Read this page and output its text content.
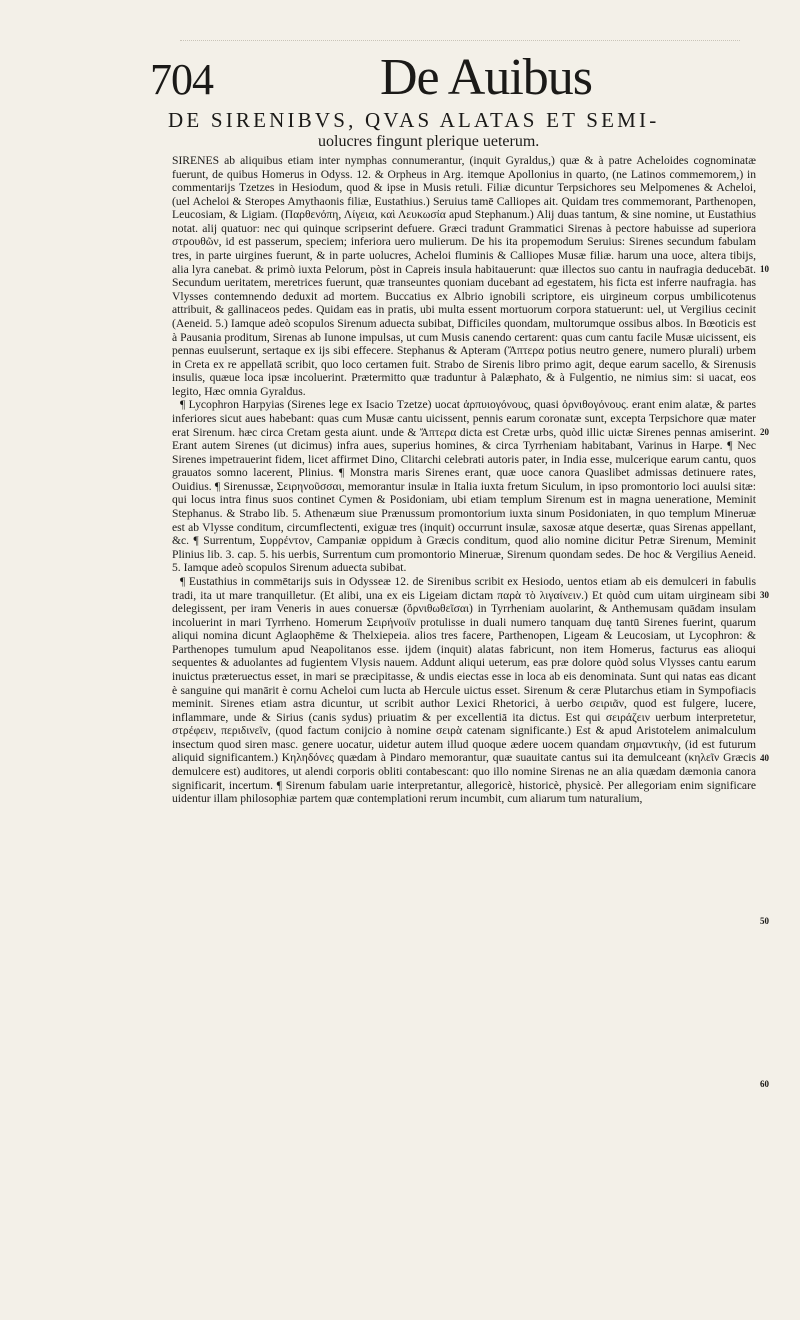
704	De Auibus
DE SIRENIBVS, QVAS ALATAS ET SEMI-
uolucres fingunt plerique ueterum.

SIRENES ab aliquibus etiam inter nymphas connumerantur, (inquit Gyraldus,) quæ & à patre Acheloides cognominatæ fuerunt, de quibus Homerus in Odyss. 12. & Orpheus in Arg. itemque Apollonius in quarto, (ne Latinos commemorem,) in commentarijs Tzetzes in Hesiodum, quod & ipse in Musis retuli. Filiæ dicuntur Terpsichores seu Melpomenes & Acheloi, (uel Acheloi & Steropes Amythaonis filiæ, Eustathius.) Seruius tamē Calliopes ait. Quidam tres commemorant, Parthenopen, Leucosiam, & Ligiam. (Παρθενόπη, Λίγεια, καὶ Λευκωσία apud Stephanum.) Alij duas tantum, & sine nomine, ut Eustathius notat. alij quatuor: nec qui quinque scripserint defuere. Græci tradunt Grammatici Sirenas à pectore habuisse ad superiora στρουθῶν, id est passerum, speciem; inferiora uero mulierum. De his ita propemodum Seruius: Sirenes secundum fabulam tres, in parte uirgines fuerunt, & in parte uolucres, Acheloi fluminis & Calliopes Musæ filiæ. harum una uoce, altera tibijs, alia lyra canebat. & primò iuxta Pelorum, pòst in Capreis insula habitauerunt: quæ illectos suo cantu in naufragia deducebāt. Secundum ueritatem, meretrices fuerunt, quæ transeuntes quoniam ducebant ad egestatem, his ficta est inferre naufragia. has Vlysses contemnendo deduxit ad mortem. Buccatius ex Albrio ignobili scriptore, eis uirgineum corpus umbilicotenus attribuit, & gallinaceos pedes. Quidam eas in pratis, ubi multa essent mortuorum corpora statuerunt: uel, ut Vergilius cecinit (Aeneid. 5.) Iamque adeò scopulos Sirenum aduecta subibat, Difficiles quondam, multorumque ossibus albos. In Bœoticis est à Pausania proditum, Sirenas ab Iunone impulsas, ut cum Musis canendo certarent: quas cum cantu facile Musæ uicissent, eis pennas euulserunt, sertaque ex ijs sibi effecere. Stephanus & Apteram (Ἄπτερα potius neutro genere, numero plurali) urbem in Creta ex re appellatā scribit, quo loco certamen fuit. Strabo de Sirenis libro primo agit, deque earum sacello, & Sirenusis insulis, quæue loca ipsæ incoluerint. Prætermitto quæ traduntur à Palæphato, & à Fulgentio, ne nimius sim: si uacat, eos legito, Hæc omnia Gyraldus.

¶ Lycophron Harpyias (Sirenes lege ex Isacio Tzetze) uocat ἀρπυιογόνους, quasi ὀρνιθογόνους. erant enim alatæ, & partes inferiores sicut aues habebant: quas cum Musæ cantu uicissent, pennis earum coronatæ sunt, excepta Terpsichore quæ mater erat Sirenum. hæc circa Cretam gesta aiunt. unde & Ἄπτερα dicta est Cretæ urbs, quòd illic uictæ Sirenes pennas amiserint. Erant autem Sirenes (ut dicimus) infra aues, superius homines, & circa Tyrrheniam habitabant, Varinus in Harpe. ¶ Nec Sirenes impetrauerint fidem, licet affirmet Dino, Clitarchi celebrati autoris pater, in India esse, mulcerique earum cantu, quos grauatos somno lacerent, Plinius. ¶ Monstra maris Sirenes erant, quæ uoce canora Quaslibet admissas detinuere rates, Ouidius. ¶ Sirenussæ, Σειρηνοῦσσαι, memorantur insulæ in Italia iuxta fretum Siculum, in ipso promontorio loci auulsi sitæ: qui locus intra finus suos continet Cymen & Posidoniam, ubi etiam templum Sirenum est in magna ueneratione, Meminit Stephanus. & Strabo lib. 5. Athenæum siue Prænussum promontorium iuxta sinum Posidoniaten, in quo templum Mineruæ est ab Vlysse conditum, circumflectenti, exiguæ tres (inquit) occurrunt insulæ, saxosæ atque desertæ, quas Sirenas appellant, &c. ¶ Surrentum, Συρρέντον, Campaniæ oppidum à Græcis conditum, quod alio nomine dicitur Petræ Sirenum, Meminit Plinius lib. 3. cap. 5. his uerbis, Surrentum cum promontorio Mineruæ, Sirenum quondam sedes. De hoc & Vergilius Aeneid. 5. Iamque adeò scopulos Sirenum aduecta subibat.

¶ Eustathius in commētarijs suis in Odysseæ 12. de Sirenibus scribit ex Hesiodo, uentos etiam ab eis demulceri in fabulis tradi, ita ut mare tranquilletur. (Et alibi, una ex eis Ligeiam dictam παρὰ τὸ λιγαίνειν.) Et quòd cum uitam uirgineam sibi delegissent, per iram Veneris in aues conuersæ (ὄρνιθωθεῖσαι) in Tyrrheniam auolarint, & Anthemusam quādam insulam incoluerint in mari Tyrrheno. Homerum Σειρήνοιϊν protulisse in duali numero tanquam duę tantū Sirenes fuerint, quarum aliqui nomina dicunt Aglaophēme & Thelxiepeia. alios tres facere, Parthenopen, Ligeam & Leucosiam, ut Lycophron: & Parthenopes tumulum apud Neapolitanos esse. ijdem (inquit) alatas fabricunt, non item Homerus, facturus eas alioqui sequentes & aduolantes ad fugientem Vlysis nauem. Addunt aliqui ueterum, eas præ dolore quòd solus Vlysses cantu earum inuictus præteruectus esset, in mari se præcipitasse, & undis eiectas esse in loca ab eis denominata. Sunt qui natas eas dicant è sanguine qui manārit è cornu Acheloi cum lucta ab Hercule uictus esset. Sirenum & ceræ Plutarchus etiam in Sympofiacis meminit. Sirenes etiam astra dicuntur, ut scribit author Lexici Rhetorici, à uerbo σειριᾶν, quod est fulgere, lucere, inflammare, unde & Sirius (canis sydus) priuatim & per excellentiā ita dictus. Est qui σειράζειν uerbum interpretetur, στρέφειν, περιδινεῖν, (quod factum conijcio à nomine σειρὰ catenam significante.) Est & apud Aristotelem animalculum insectum quod siren masc. genere uocatur, uidetur autem illud quoque ædere uocem quandam σημαντικὴν, (id est futurum aliquid significantem.) Κηληδόνες quædam à Pindaro memorantur, quæ suauitate cantus sui ita demulceant (κηλεῖν Græcis demulcere est) auditores, ut alendi corporis obliti contabescant: quo illo nomine Sirenas ne an alia quædam dæmonia canora significarit, incertum. ¶ Sirenum fabulam uarie interpretantur, allegoricè, historicè, physicè. Per allegoriam enim significare uidentur illam philosophiæ partem quæ contemplationi rerum incumbit, cum aliarum tum naturalium,

10
20
30
40
50
60
